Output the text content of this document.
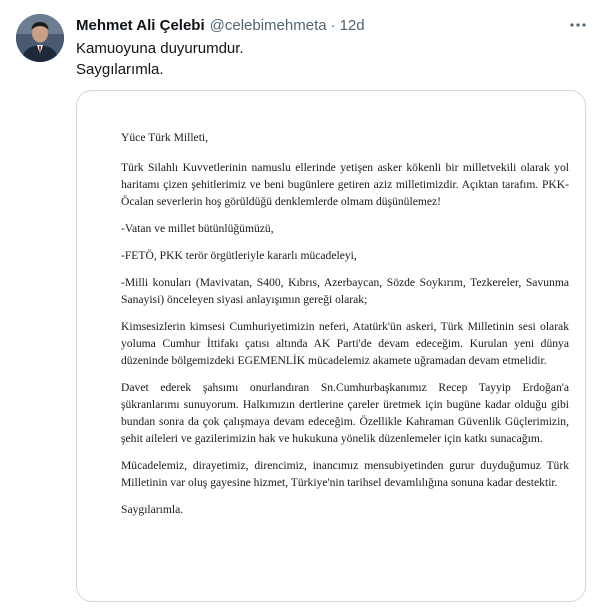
Mehmet Ali Çelebi @celebimehmeta · 12d
Kamuoyuna duyurumdur.
Saygılarımla.

Yüce Türk Milleti,

Türk Silahlı Kuvvetlerinin namuslu ellerinde yetişen asker kökenli bir milletvekili olarak yol haritamı çizen şehitlerimiz ve beni bugünlere getiren aziz milletimizdir. Açıktan tarafım. PKK-Öcalan severlerin hoş görüldüğü denklemlerde olmam düşünülemez!

-Vatan ve millet bütünlüğümüzü,

-FETÖ, PKK terör örgütleriyle kararlı mücadeleyi,

-Milli konuları (Mavivatan, S400, Kıbrıs, Azerbaycan, Sözde Soykırım, Tezkereler, Savunma Sanayisi) önceleyen siyasi anlayışımın gereği olarak;

Kimsesizlerin kimsesi Cumhuriyetimizin neferi, Atatürk'ün askeri, Türk Milletinin sesi olarak yoluma Cumhur İttifakı çatısı altında AK Parti'de devam edeceğim. Kurulan yeni dünya düzeninde bölgemizdeki EGEMENLİK mücadelemiz akamete uğramadan devam etmelidir.

Davet ederek şahsımı onurlandıran Sn.Cumhurbaşkanımız Recep Tayyip Erdoğan'a şükranlarımı sunuyorum. Halkımızın dertlerine çareler üretmek için bugüne kadar olduğu gibi bundan sonra da çok çalışmaya devam edeceğim. Özellikle Kahraman Güvenlik Güçlerimizin, şehit aileleri ve gazilerimizin hak ve hukukuna yönelik düzenlemeler için katkı sunacağım.

Mücadelemiz, dirayetimiz, direncimiz, inancımız mensubiyetinden gurur duyduğumuz Türk Milletinin var oluş gayesine hizmet, Türkiye'nin tarihsel devamlılığına sonuna kadar destektir.

Saygılarımla.
